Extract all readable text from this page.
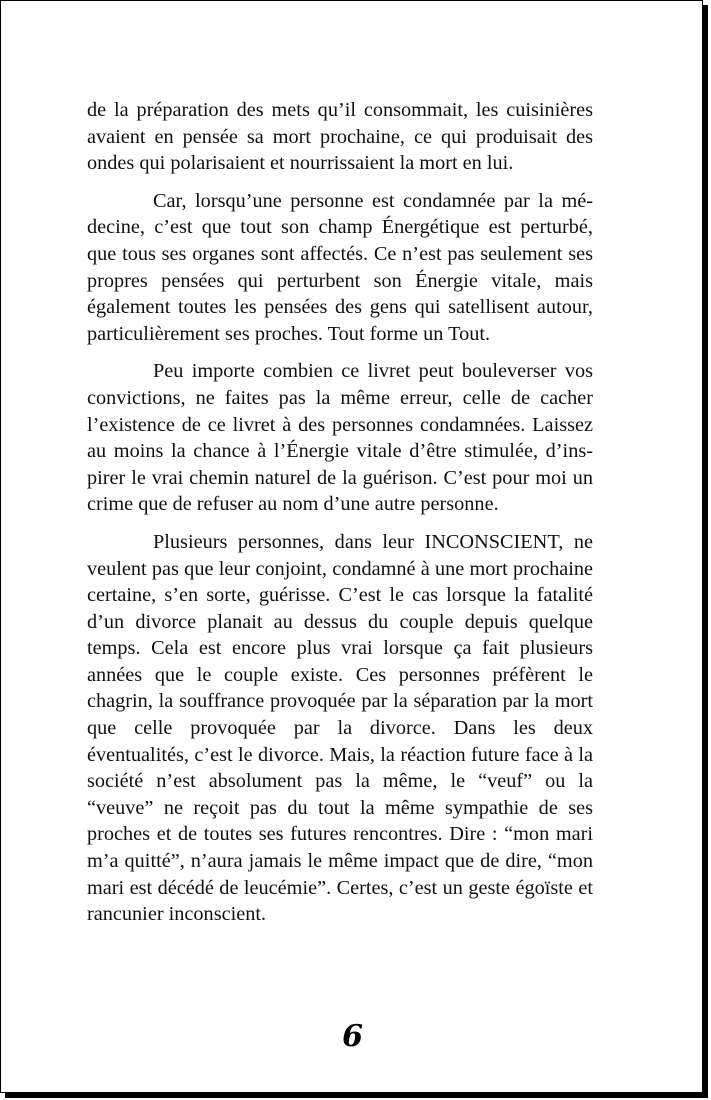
de la préparation des mets qu’il consommait, les cuisinières avaient en pensée sa mort prochaine, ce qui produisait des ondes qui polarisaient et nourrissaient la mort en lui.

Car, lorsqu’une personne est condamnée par la médecine, c’est que tout son champ Énergétique est perturbé, que tous ses organes sont affectés. Ce n’est pas seulement ses propres pensées qui perturbent son Énergie vitale, mais également toutes les pensées des gens qui satellisent autour, particulièrement ses proches. Tout forme un Tout.

Peu importe combien ce livret peut bouleverser vos convictions, ne faites pas la même erreur, celle de cacher l’existence de ce livret à des personnes condamnées. Laissez au moins la chance à l’Énergie vitale d’être stimulée, d’inspirer le vrai chemin naturel de la guérison. C’est pour moi un crime que de refuser au nom d’une autre personne.

Plusieurs personnes, dans leur INCONSCIENT, ne veulent pas que leur conjoint, condamné à une mort prochaine certaine, s’en sorte, guérisse. C’est le cas lorsque la fatalité d’un divorce planait au dessus du couple depuis quelque temps. Cela est encore plus vrai lorsque ça fait plusieurs années que le couple existe. Ces personnes préfèrent le chagrin, la souffrance provoquée par la séparation par la mort que celle provoquée par la divorce. Dans les deux éventualités, c’est le divorce. Mais, la réaction future face à la société n’est absolument pas la même, le “veuf” ou la “veuve” ne reçoit pas du tout la même sympathie de ses proches et de toutes ses futures rencontres. Dire : “mon mari m’a quitté”, n’aura jamais le même impact que de dire, “mon mari est décédé de leucémie”. Certes, c’est un geste égoïste et rancunier inconscient.

6
